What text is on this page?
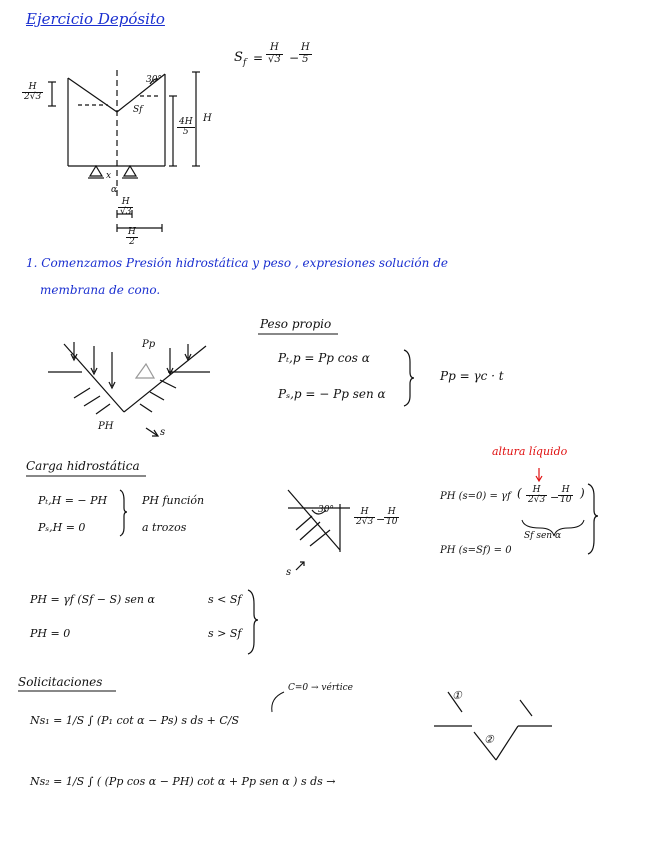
Ejercicio Depósito
S $f = \frac{H}{√3} - \frac{H}{5}$
$\frac{H}{2√3}$
$\frac{4H}{5}$ H
30°
Sf
α
x
$\frac{H}{√3}$
$\frac{H}{2}$
1. Comenzamos Presión hidrostática y peso , expresiones solución de
membrana de cono.
Pp
PH
s
Peso propio
Pₜ,p = Pp cos α
Pₛ,p = − Pp sen α
Pp = γc · t
Carga hidrostática
Pₜ,H = − PH
Pₛ,H = 0
PH función
a trozos
altura líquido
30°
s
$\frac{H}{2√3}$ −
$\frac{H}{10}$
PH (s=0) = γf ( $\frac{H}{2√3}$ −
$\frac{H}{10}$ )
Sf sen α
PH (s=Sf) = 0
PH = γf (Sf − S) sen α	s < Sf
PH = 0	s > Sf
Solicitaciones	C=0 → vértice
Ns₁ = 1/S ∫ (P₁ cot α − Ps) s ds + C/S
Ns₂ = 1/S ∫ ( (Pp cos α − PH) cot α + Pp sen α ) s ds →
①
②
